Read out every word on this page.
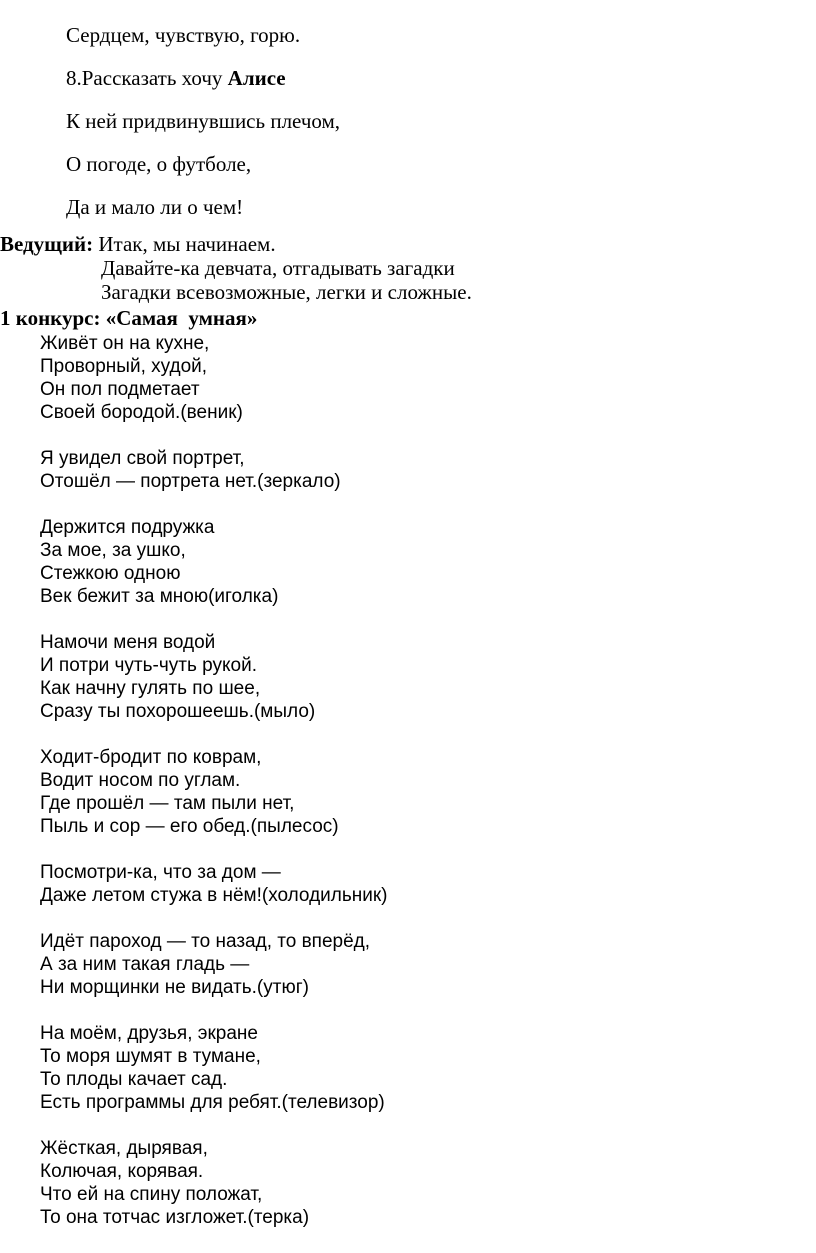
Сердцем, чувствую, горю.
8.Рассказать хочу Алисе
К ней придвинувшись плечом,
О погоде, о футболе,
Да и мало ли о чем!
Ведущий: Итак, мы начинаем.
Давайте-ка девчата, отгадывать загадки
Загадки всевозможные, легки и сложные.
1 конкурс: «Самая  умная»
Живёт он на кухне,
Проворный, худой,
Он пол подметает
Своей бородой.(веник)
Я увидел свой портрет,
Отошёл — портрета нет.(зеркало)
Держится подружка
За мое, за ушко,
Стежкою одною
Век бежит за мною(иголка)
Намочи меня водой
И потри чуть-чуть рукой.
Как начну гулять по шее,
Сразу ты похорошеешь.(мыло)
Ходит-бродит по коврам,
Водит носом по углам.
Где прошёл — там пыли нет,
Пыль и сор — его обед.(пылесос)
Посмотри-ка, что за дом —
Даже летом стужа в нём!(холодильник)
Идёт пароход — то назад, то вперёд,
А за ним такая гладь —
Ни морщинки не видать.(утюг)
На моём, друзья, экране
То моря шумят в тумане,
То плоды качает сад.
Есть программы для ребят.(телевизор)
Жёсткая, дырявая,
Колючая, корявая.
Что ей на спину положат,
То она тотчас изгложет.(терка)
